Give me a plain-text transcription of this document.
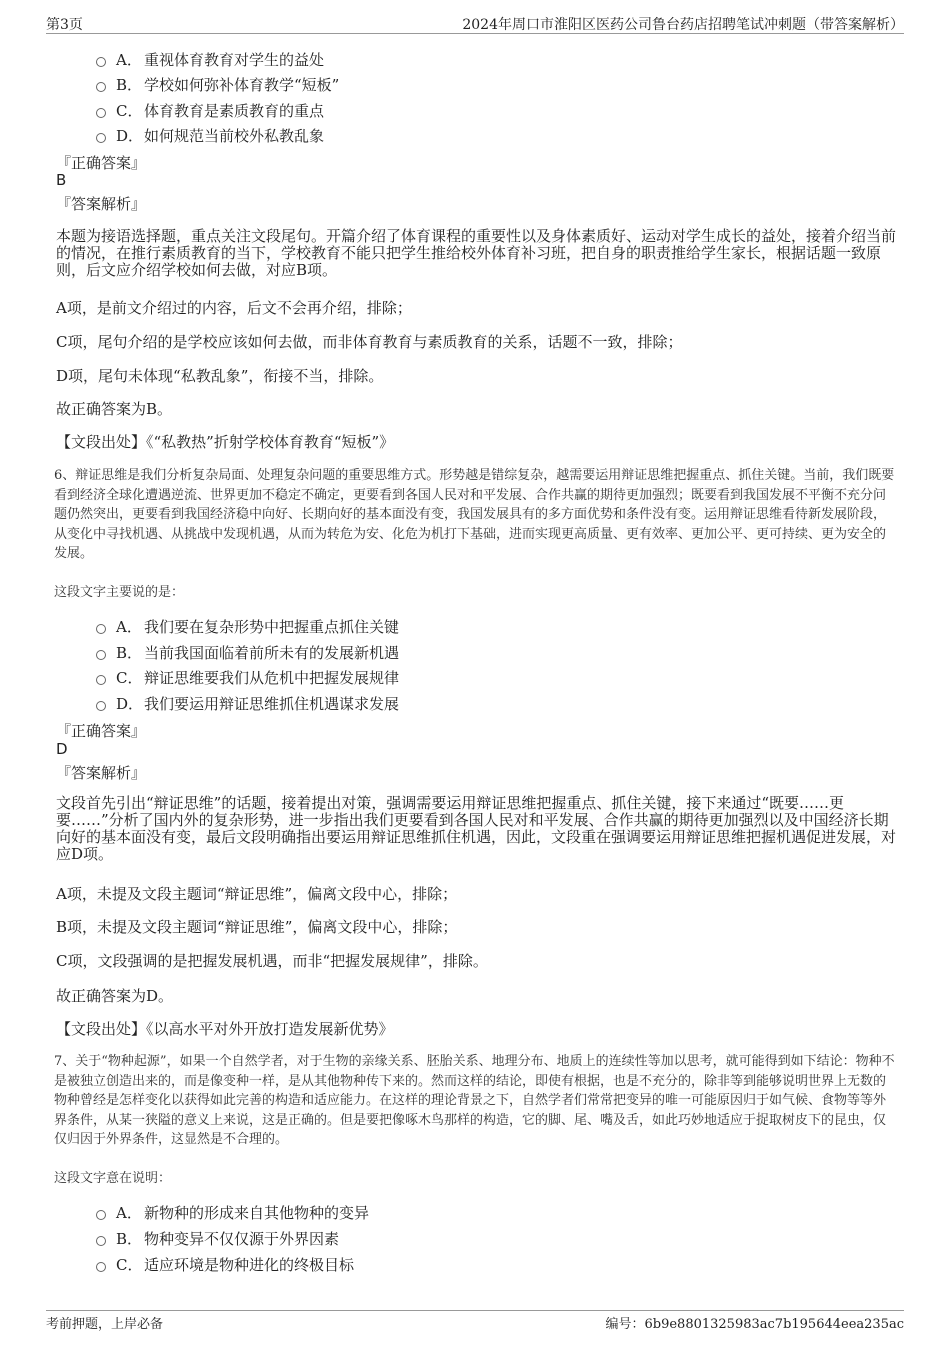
第3页	2024年周口市淮阳区医药公司鲁台药店招聘笔试冲刺题（带答案解析）
A． 重视体育教育对学生的益处
B． 学校如何弥补体育教学“短板”
C． 体育教育是素质教育的重点
D． 如何规范当前校外私教乱象
『正确答案』
B
『答案解析』
本题为接语选择题，重点关注文段尾句。开篇介绍了体育课程的重要性以及身体素质好、运动对学生成长的益处，接着介绍当前的情况，在推行素质教育的当下，学校教育不能只把学生推给校外体育补习班，把自身的职责推给学生家长，根据话题一致原则，后文应介绍学校如何去做，对应B项。
A项，是前文介绍过的内容，后文不会再介绍，排除；
C项，尾句介绍的是学校应该如何去做，而非体育教育与素质教育的关系，话题不一致，排除；
D项，尾句未体现“私教乱象”，衔接不当，排除。
故正确答案为B。
【文段出处】《“私教热”折射学校体育教育“短板”》
6、辩证思维是我们分析复杂局面、处理复杂问题的重要思维方式。形势越是错综复杂，越需要运用辩证思维把握重点、抓住关键。当前，我们既要看到经济全球化遭遇逆流、世界更加不稳定不确定，更要看到各国人民对和平发展、合作共赢的期待更加强烈；既要看到我国发展不平衡不充分问题仍然突出，更要看到我国经济稳中向好、长期向好的基本面没有变，我国发展具有的多方面优势和条件没有变。运用辩证思维看待新发展阶段，从变化中寻找机遇、从挑战中发现机遇，从而为转危为安、化危为机打下基础，进而实现更高质量、更有效率、更加公平、更可持续、更为安全的发展。
这段文字主要说的是：
A． 我们要在复杂形势中把握重点抓住关键
B． 当前我国面临着前所未有的发展新机遇
C． 辩证思维要我们从危机中把握发展规律
D． 我们要运用辩证思维抓住机遇谋求发展
『正确答案』
D
『答案解析』
文段首先引出“辩证思维”的话题，接着提出对策，强调需要运用辩证思维把握重点、抓住关键，接下来通过“既要……更要……”分析了国内外的复杂形势，进一步指出我们更要看到各国人民对和平发展、合作共赢的期待更加强烈以及中国经济长期向好的基本面没有变，最后文段明确指出要运用辩证思维抓住机遇，因此，文段重在强调要运用辩证思维把握机遇促进发展，对应D项。
A项，未提及文段主题词“辩证思维”，偏离文段中心，排除；
B项，未提及文段主题词“辩证思维”，偏离文段中心，排除；
C项，文段强调的是把握发展机遇，而非“把握发展规律”，排除。
故正确答案为D。
【文段出处】《以高水平对外开放打造发展新优势》
7、关于“物种起源”，如果一个自然学者，对于生物的亲缘关系、胚胎关系、地理分布、地质上的连续性等加以思考，就可能得到如下结论：物种不是被独立创造出来的，而是像变种一样，是从其他物种传下来的。然而这样的结论，即使有根据，也是不充分的，除非等到能够说明世界上无数的物种曾经是怎样变化以获得如此完善的构造和适应能力。在这样的理论背景之下，自然学者们常常把变异的唯一可能原因归于如气候、食物等等外界条件，从某一狭隘的意义上来说，这是正确的。但是要把像啄木鸟那样的构造，它的脚、尾、嘴及舌，如此巧妙地适应于捉取树皮下的昆虫，仅仅归因于外界条件，这显然是不合理的。
这段文字意在说明：
A． 新物种的形成来自其他物种的变异
B． 物种变异不仅仅源于外界因素
C． 适应环境是物种进化的终极目标
考前押题，上岸必备	编号：6b9e8801325983ac7b195644eea235ac
